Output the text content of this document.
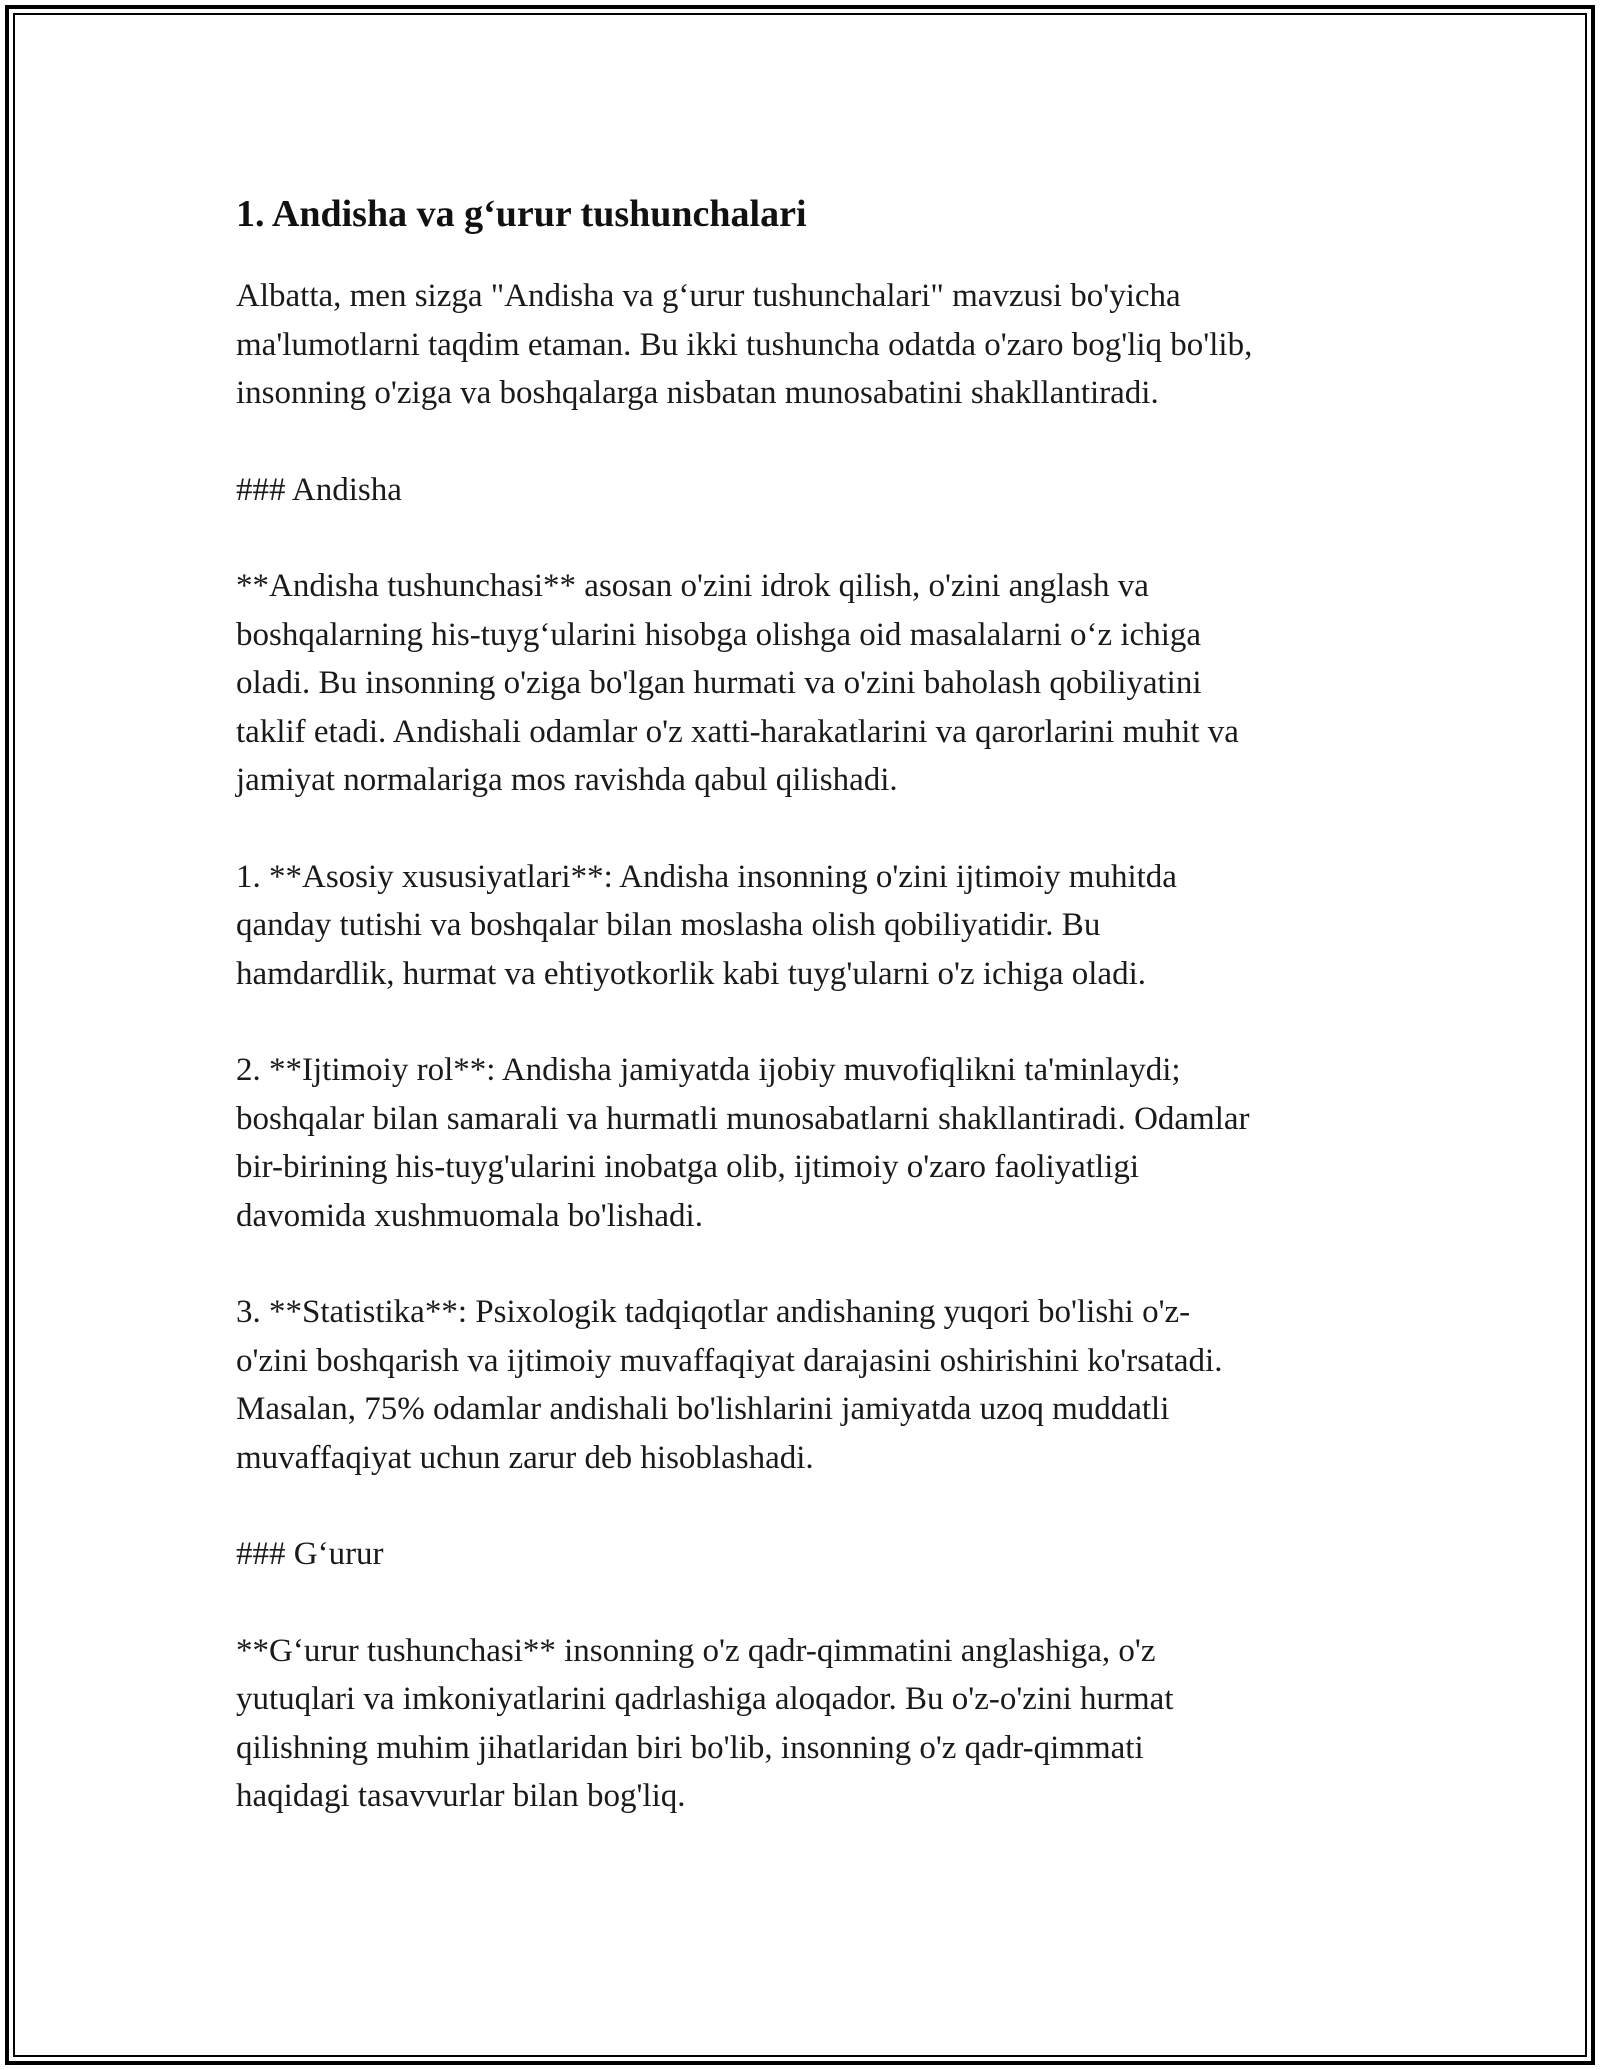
1. Andisha va g‘urur tushunchalari

Albatta, men sizga "Andisha va g‘urur tushunchalari" mavzusi bo'yicha
ma'lumotlarni taqdim etaman. Bu ikki tushuncha odatda o'zaro bog'liq bo'lib,
insonning o'ziga va boshqalarga nisbatan munosabatini shakllantiradi.

### Andisha

**Andisha tushunchasi** asosan o'zini idrok qilish, o'zini anglash va
boshqalarning his-tuyg‘ularini hisobga olishga oid masalalarni o‘z ichiga
oladi. Bu insonning o'ziga bo'lgan hurmati va o'zini baholash qobiliyatini
taklif etadi. Andishali odamlar o'z xatti-harakatlarini va qarorlarini muhit va
jamiyat normalariga mos ravishda qabul qilishadi.

1. **Asosiy xususiyatlari**: Andisha insonning o'zini ijtimoiy muhitda
qanday tutishi va boshqalar bilan moslasha olish qobiliyatidir. Bu
hamdardlik, hurmat va ehtiyotkorlik kabi tuyg'ularni o'z ichiga oladi.

2. **Ijtimoiy rol**: Andisha jamiyatda ijobiy muvofiqlikni ta'minlaydi;
boshqalar bilan samarali va hurmatli munosabatlarni shakllantiradi. Odamlar
bir-birining his-tuyg'ularini inobatga olib, ijtimoiy o'zaro faoliyatligi
davomida xushmuomala bo'lishadi.

3. **Statistika**: Psixologik tadqiqotlar andishaning yuqori bo'lishi o'z-
o'zini boshqarish va ijtimoiy muvaffaqiyat darajasini oshirishini ko'rsatadi.
Masalan, 75% odamlar andishali bo'lishlarini jamiyatda uzoq muddatli
muvaffaqiyat uchun zarur deb hisoblashadi.

### G‘urur

**G‘urur tushunchasi** insonning o'z qadr-qimmatini anglashiga, o'z
yutuqlari va imkoniyatlarini qadrlashiga aloqador. Bu o'z-o'zini hurmat
qilishning muhim jihatlaridan biri bo'lib, insonning o'z qadr-qimmati
haqidagi tasavvurlar bilan bog'liq.
